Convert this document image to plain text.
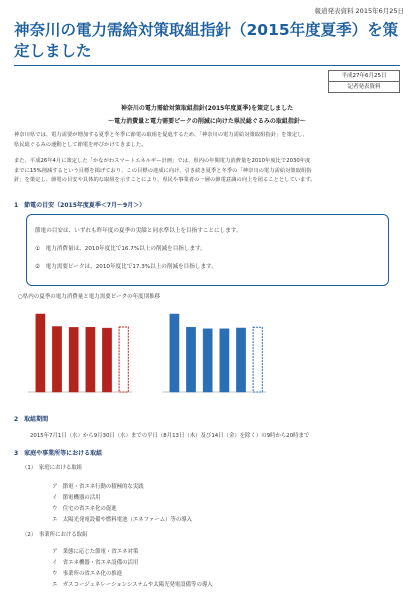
報道発表資料 2015年6月25日
神奈川の電力需給対策取組指針（2015年度夏季）を策定しました
平成27年6月25日
記者発表資料
神奈川の電力需給対策取組指針(2015年度夏季)を策定しました
～電力消費量と電力需要ピークの削減に向けた県民総ぐるみの取組指針～
神奈川県では、電力需要が増加する夏季と冬季に節電の取組を促進するため、「神奈川の電力需給対策取組指針」を策定し、
県民総ぐるみの運動として節電を呼びかけてきました。
また、平成26年4月に策定した「かながわスマートエネルギー計画」では、県内の年間電力消費量を2010年度比で2030年度
までに15%削減するという目標を掲げており、この目標の達成に向け、引き続き夏季と冬季の「神奈川の電力需給対策取組指
針」を策定し、節電の目安や具体的な取組を示すことにより、県民や事業者の一層の節電意識の向上を図ることとしています。
1　節電の目安（2015年度夏季＜7月～9月＞）
節電の目安は、いずれも昨年度の夏季の実績と同水準以上を目指すことにします。
①　電力消費量は、2010年度比で16.7%以上の削減を目指します。
②　電力需要ピークは、2010年度比で17.3%以上の削減を目指します。
○県内の夏季の電力消費量と電力需要ピークの年度別推移
2　取組期間
2015年7月1日（水）から9月30日（水）までの平日（8月13日（木）及び14日（金）を除く）の9時から20時まで
3　家庭や事業所等における取組
（1）　家庭における取組
ア　節電・省エネ行動の積極的な実践
イ　節電機器の活用
ウ　住宅の省エネ化の促進
エ　太陽光発電設備や燃料電池（エネファーム）等の導入
（2）　事業所における取組
ア　業態に応じた節電・省エネ対策
イ　省エネ機器・省エネ設備の活用
ウ　事業所の省エネ化の推進
エ　ガスコージェネレーションシステムや太陽光発電設備等の導入
